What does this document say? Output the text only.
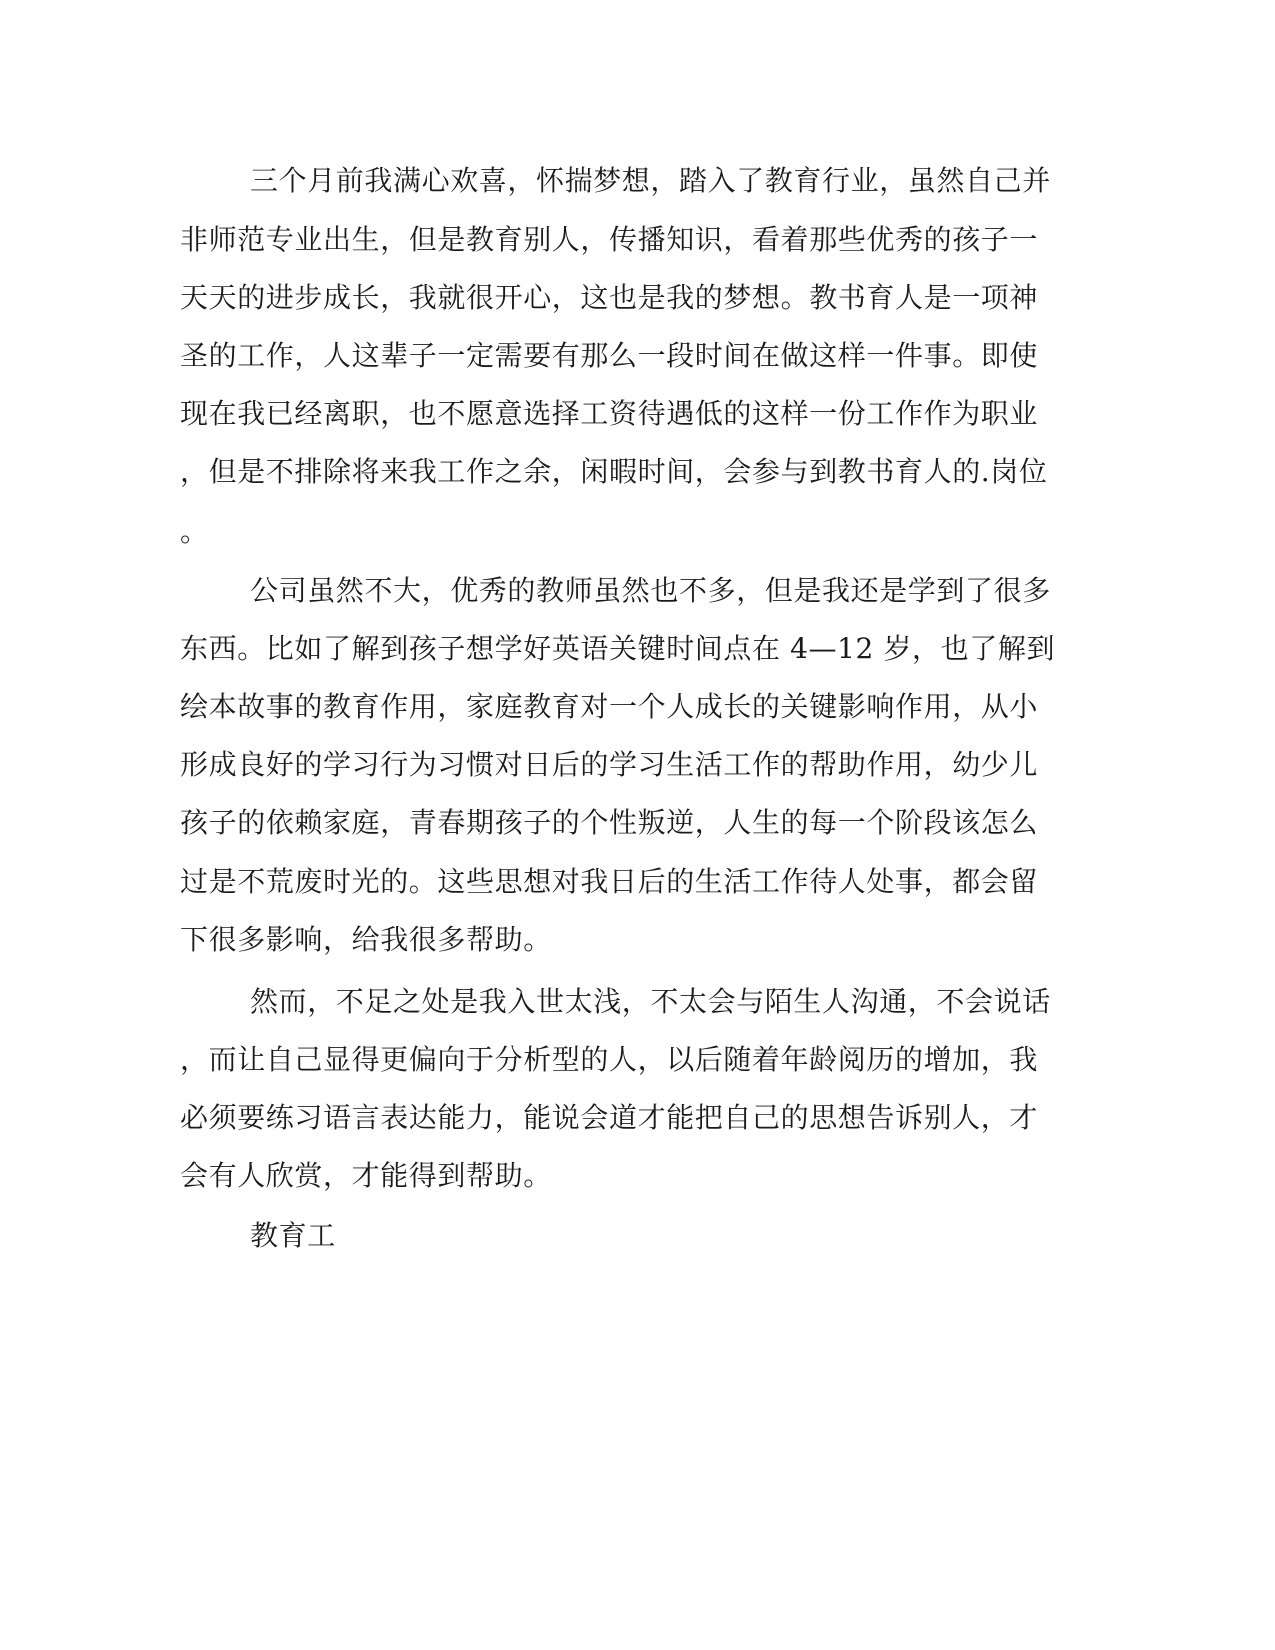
三个月前我满心欢喜，怀揣梦想，踏入了教育行业，虽然自己并
非师范专业出生，但是教育别人，传播知识，看着那些优秀的孩子一
天天的进步成长，我就很开心，这也是我的梦想。教书育人是一项神
圣的工作，人这辈子一定需要有那么一段时间在做这样一件事。即使
现在我已经离职，也不愿意选择工资待遇低的这样一份工作作为职业
，但是不排除将来我工作之余，闲暇时间，会参与到教书育人的.岗位
。
公司虽然不大，优秀的教师虽然也不多，但是我还是学到了很多
东西。比如了解到孩子想学好英语关键时间点在 4—12 岁，也了解到
绘本故事的教育作用，家庭教育对一个人成长的关键影响作用，从小
形成良好的学习行为习惯对日后的学习生活工作的帮助作用，幼少儿
孩子的依赖家庭，青春期孩子的个性叛逆，人生的每一个阶段该怎么
过是不荒废时光的。这些思想对我日后的生活工作待人处事，都会留
下很多影响，给我很多帮助。
然而，不足之处是我入世太浅，不太会与陌生人沟通，不会说话
，而让自己显得更偏向于分析型的人，以后随着年龄阅历的增加，我
必须要练习语言表达能力，能说会道才能把自己的思想告诉别人，才
会有人欣赏，才能得到帮助。
教育工
